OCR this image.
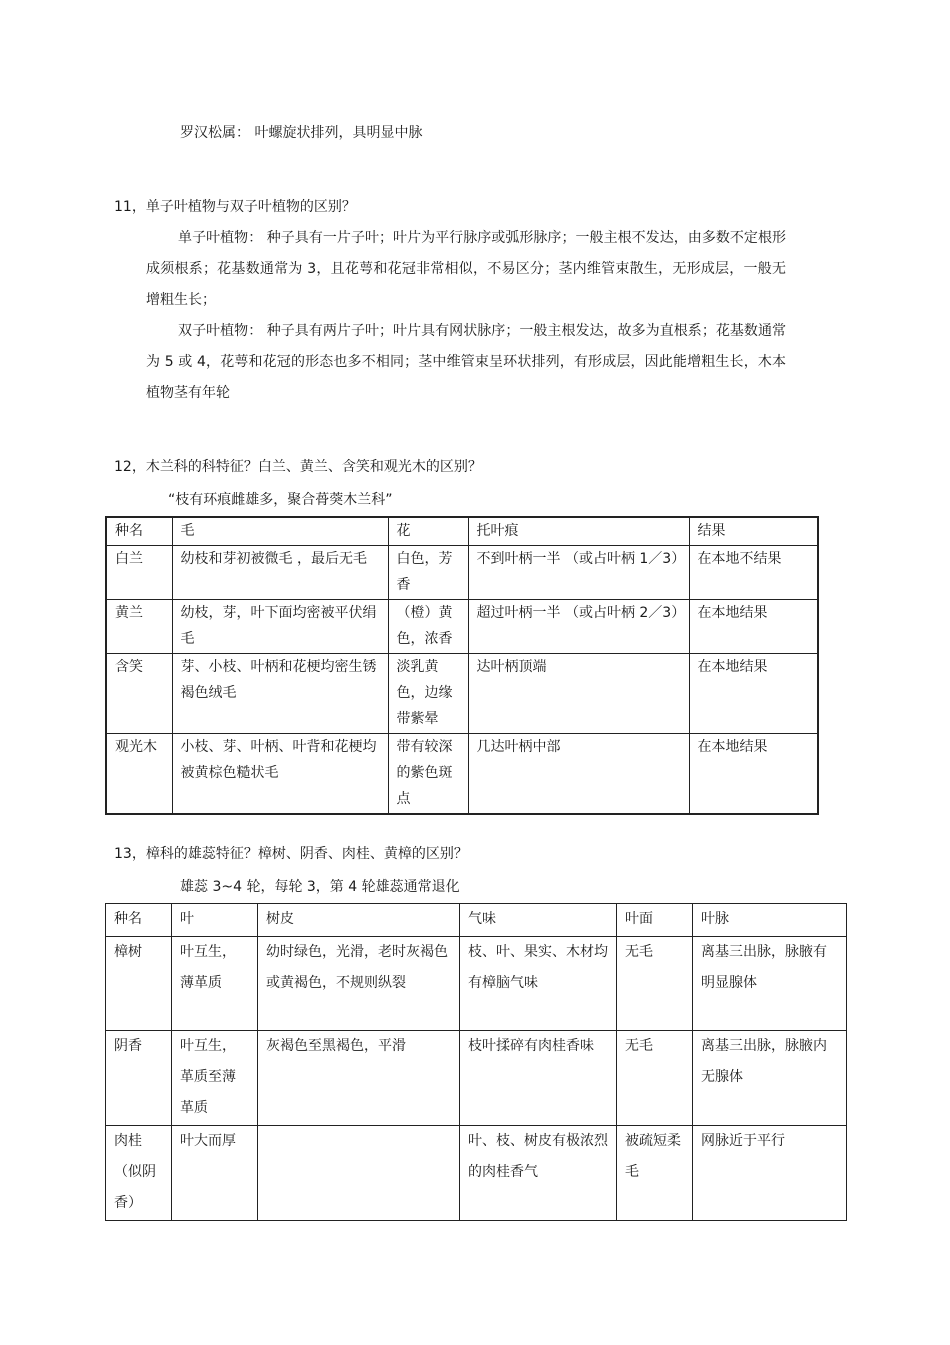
罗汉松属： 叶螺旋状排列，具明显中脉
11，单子叶植物与双子叶植物的区别？
单子叶植物： 种子具有一片子叶；叶片为平行脉序或弧形脉序；一般主根不发达，由多数不定根形成须根系；花基数通常为 3，且花萼和花冠非常相似，不易区分；茎内维管束散生，无形成层，一般无增粗生长；
双子叶植物： 种子具有两片子叶；叶片具有网状脉序；一般主根发达，故多为直根系；花基数通常为 5 或 4，花萼和花冠的形态也多不相同；茎中维管束呈环状排列，有形成层，因此能增粗生长，木本植物茎有年轮
12，木兰科的科特征？白兰、黄兰、含笑和观光木的区别？
“枝有环痕雌雄多，聚合蓇葖木兰科”
种名	毛	花	托叶痕	结果
白兰	幼枝和芽初被微毛 ，最后无毛	白色，芳香	不到叶柄一半 （或占叶柄 1／3）	在本地不结果
黄兰	幼枝，芽，叶下面均密被平伏绢毛	（橙）黄色，浓香	超过叶柄一半 （或占叶柄 2／3）	在本地结果
含笑	芽、小枝、叶柄和花梗均密生锈褐色绒毛	淡乳黄色，边缘带紫晕	达叶柄顶端	在本地结果
观光木	小枝、芽、叶柄、叶背和花梗均被黄棕色糙状毛	带有较深的紫色斑点	几达叶柄中部	在本地结果
13，樟科的雄蕊特征？樟树、阴香、肉桂、黄樟的区别？
雄蕊 3~4 轮，每轮 3，第 4 轮雄蕊通常退化
种名	叶	树皮	气味	叶面	叶脉
樟树	叶互生，薄革质	幼时绿色，光滑，老时灰褐色或黄褐色，不规则纵裂	枝、叶、果实、木材均有樟脑气味	无毛	离基三出脉，脉腋有明显腺体
阴香	叶互生，革质至薄革质	灰褐色至黑褐色，平滑	枝叶揉碎有肉桂香味	无毛	离基三出脉，脉腋内无腺体
肉桂（似阴香）	叶大而厚		叶、枝、树皮有极浓烈的肉桂香气	被疏短柔毛	网脉近于平行
